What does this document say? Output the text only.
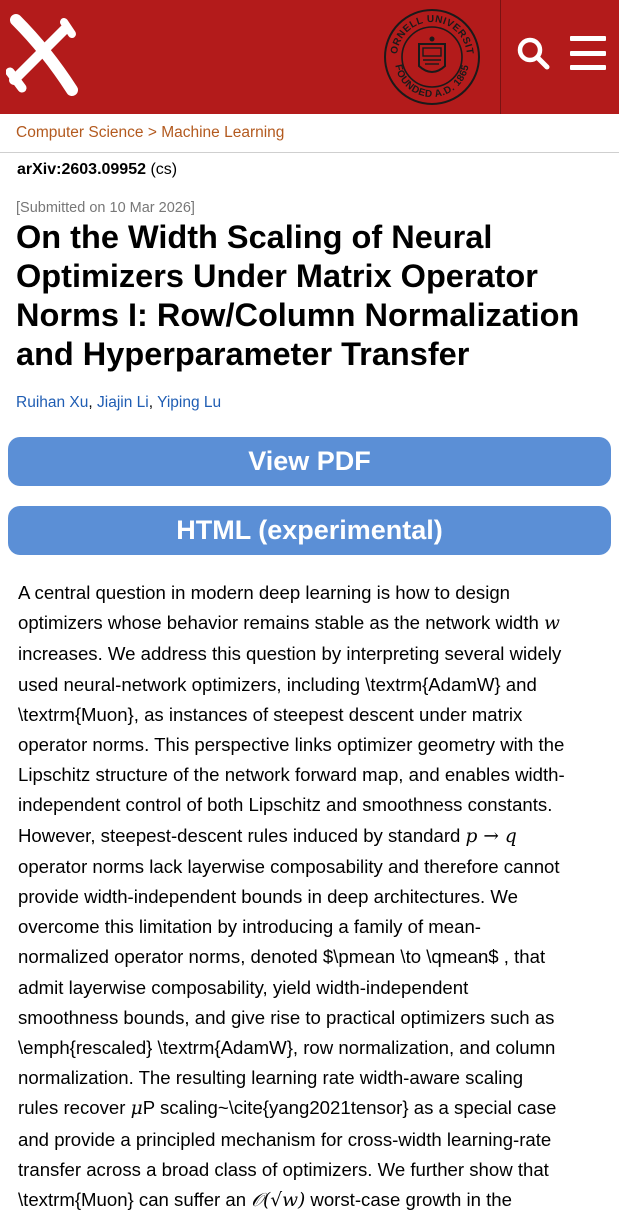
ORNELL UNIVERSIT
FOUNDED A.D. 1865
Computer Science > Machine Learning
arXiv:2603.09952 (cs)
[Submitted on 10 Mar 2026]
On the Width Scaling of Neural Optimizers Under Matrix Operator Norms I: Row/Column Normalization and Hyperparameter Transfer
Ruihan Xu, Jiajin Li, Yiping Lu
View PDF
HTML (experimental)
A central question in modern deep learning is how to design
optimizers whose behavior remains stable as the network width w
increases. We address this question by interpreting several widely
used neural-network optimizers, including \textrm{AdamW} and
\textrm{Muon}, as instances of steepest descent under matrix
operator norms. This perspective links optimizer geometry with the
Lipschitz structure of the network forward map, and enables width-
independent control of both Lipschitz and smoothness constants.
However, steepest-descent rules induced by standard p → q
operator norms lack layerwise composability and therefore cannot
provide width-independent bounds in deep architectures. We
overcome this limitation by introducing a family of mean-
normalized operator norms, denoted $\pmean \to \qmean$ , that
admit layerwise composability, yield width-independent
smoothness bounds, and give rise to practical optimizers such as
\emph{rescaled} \textrm{AdamW}, row normalization, and column
normalization. The resulting learning rate width-aware scaling
rules recover μP scaling~\cite{yang2021tensor} as a special case
and provide a principled mechanism for cross-width learning-rate
transfer across a broad class of optimizers. We further show that
\textrm{Muon} can suffer an 𝒪(√w) worst-case growth in the
